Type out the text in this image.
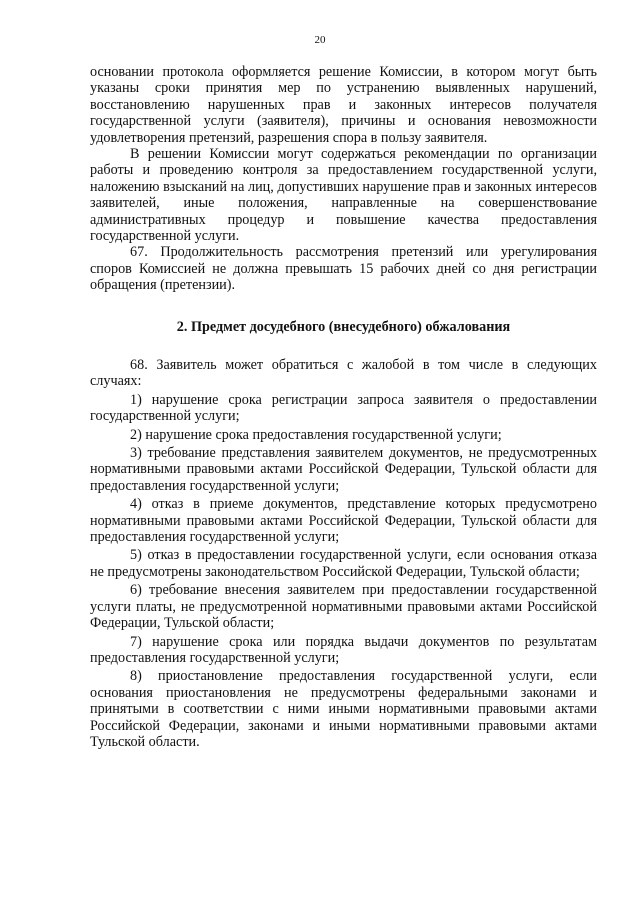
20

основании протокола оформляется решение Комиссии, в котором могут быть указаны сроки принятия мер по устранению выявленных нарушений, восстановлению нарушенных прав и законных интересов получателя государственной услуги (заявителя), причины и основания невозможности удовлетворения претензий, разрешения спора в пользу заявителя.

В решении Комиссии могут содержаться рекомендации по организации работы и проведению контроля за предоставлением государственной услуги, наложению взысканий на лиц, допустивших нарушение прав и законных интересов заявителей, иные положения, направленные на совершенствование административных процедур и повышение качества предоставления государственной услуги.

67. Продолжительность рассмотрения претензий или урегулирования споров Комиссией не должна превышать 15 рабочих дней со дня регистрации обращения (претензии).

2. Предмет досудебного (внесудебного) обжалования

68. Заявитель может обратиться с жалобой в том числе в следующих случаях:

1) нарушение срока регистрации запроса заявителя о предоставлении государственной услуги;

2) нарушение срока предоставления государственной услуги;

3) требование представления заявителем документов, не предусмотренных нормативными правовыми актами Российской Федерации, Тульской области для предоставления государственной услуги;

4) отказ в приеме документов, представление которых предусмотрено нормативными правовыми актами Российской Федерации, Тульской области для предоставления государственной услуги;

5) отказ в предоставлении государственной услуги, если основания отказа не предусмотрены законодательством Российской Федерации, Тульской области;

6) требование внесения заявителем при предоставлении государственной услуги платы, не предусмотренной нормативными правовыми актами Российской Федерации, Тульской области;

7) нарушение срока или порядка выдачи документов по результатам предоставления государственной услуги;

8) приостановление предоставления государственной услуги, если основания приостановления не предусмотрены федеральными законами и принятыми в соответствии с ними иными нормативными правовыми актами Российской Федерации, законами и иными нормативными правовыми актами Тульской области.
